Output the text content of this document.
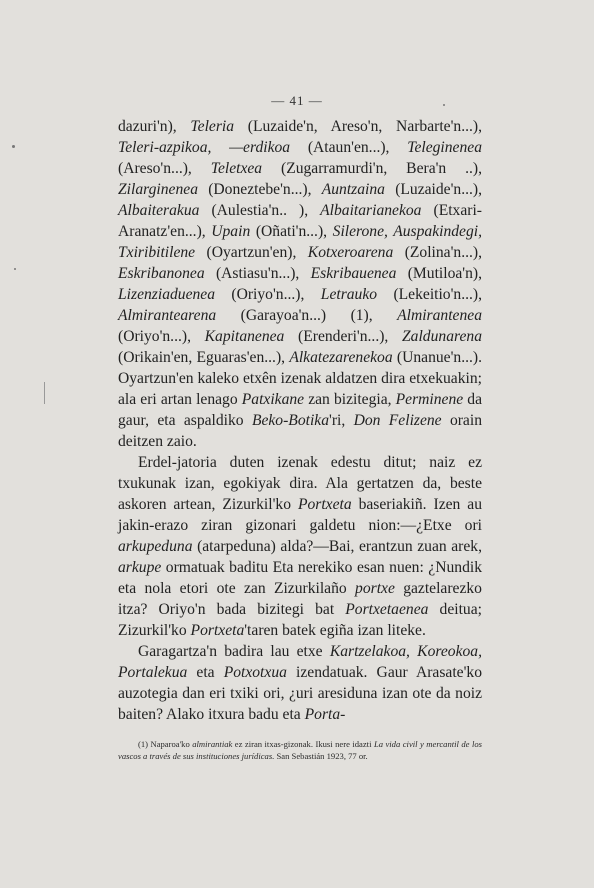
— 41 —

dazuri'n), Teleria (Luzaide'n, Areso'n, Narbarte'n...), Teleri-azpikoa, —erdikoa (Ataun'en...), Teleginenea (Areso'n...), Teletxea (Zugarramurdi'n, Bera'n ..), Zilarginenea (Doneztebe'n...), Auntzaina (Luzaide'n...), Albaiterakua (Aulestia'n.. ), Albaitarianekoa (Etxari-Aranatz'en...), Upain (Oñati'n...), Silerone, Auspakindegi, Txiribitilene (Oyartzun'en), Kotxeroarena (Zolina'n...), Eskribanonea (Astiasu'n...), Eskribauenea (Mutiloa'n), Lizenziaduenea (Oriyo'n...), Letrauko (Lekeitio'n...), Almirantearena (Garayoa'n...) (1), Almirantenea (Oriyo'n...), Kapitanenea (Erenderi'n...), Zaldunarena (Orikain'en, Eguaras'en...), Alkatezarenekoa (Unanue'n...). Oyartzun'en kaleko etxên izenak aldatzen dira etxekuakin; ala eri artan lenago Patxikane zan bizitegia, Perminene da gaur, eta aspaldiko Beko-Botika'ri, Don Felizene orain deitzen zaio.

Erdel-jatoria duten izenak edestu ditut; naiz ez txukunak izan, egokiyak dira. Ala gertatzen da, beste askoren artean, Zizurkil'ko Portxeta baseriakiñ. Izen au jakin-erazo ziran gizonari galdetu nion:—¿Etxe ori arkupeduna (atarpeduna) alda?—Bai, erantzun zuan arek, arkupe ormatuak baditu Eta nerekiko esan nuen: ¿Nundik eta nola etori ote zan Zizurkilaño portxe gaztelarezko itza? Oriyo'n bada bizitegi bat Portxetaenea deitua; Zizurkil'ko Portxeta'taren batek egiña izan liteke.

Garagartza'n badira lau etxe Kartzelakoa, Koreokoa, Portalekua eta Potxotxua izendatuak. Gaur Arasate'ko auzotegia dan eri txiki ori, ¿uri aresiduna izan ote da noiz baiten? Alako itxura badu eta Porta-

(1) Naparoa'ko almirantiak ez ziran itxas-gizonak. Ikusi nere idazti La vida civil y mercantil de los vascos a través de sus instituciones jurídicas. San Sebastián 1923, 77 or.
